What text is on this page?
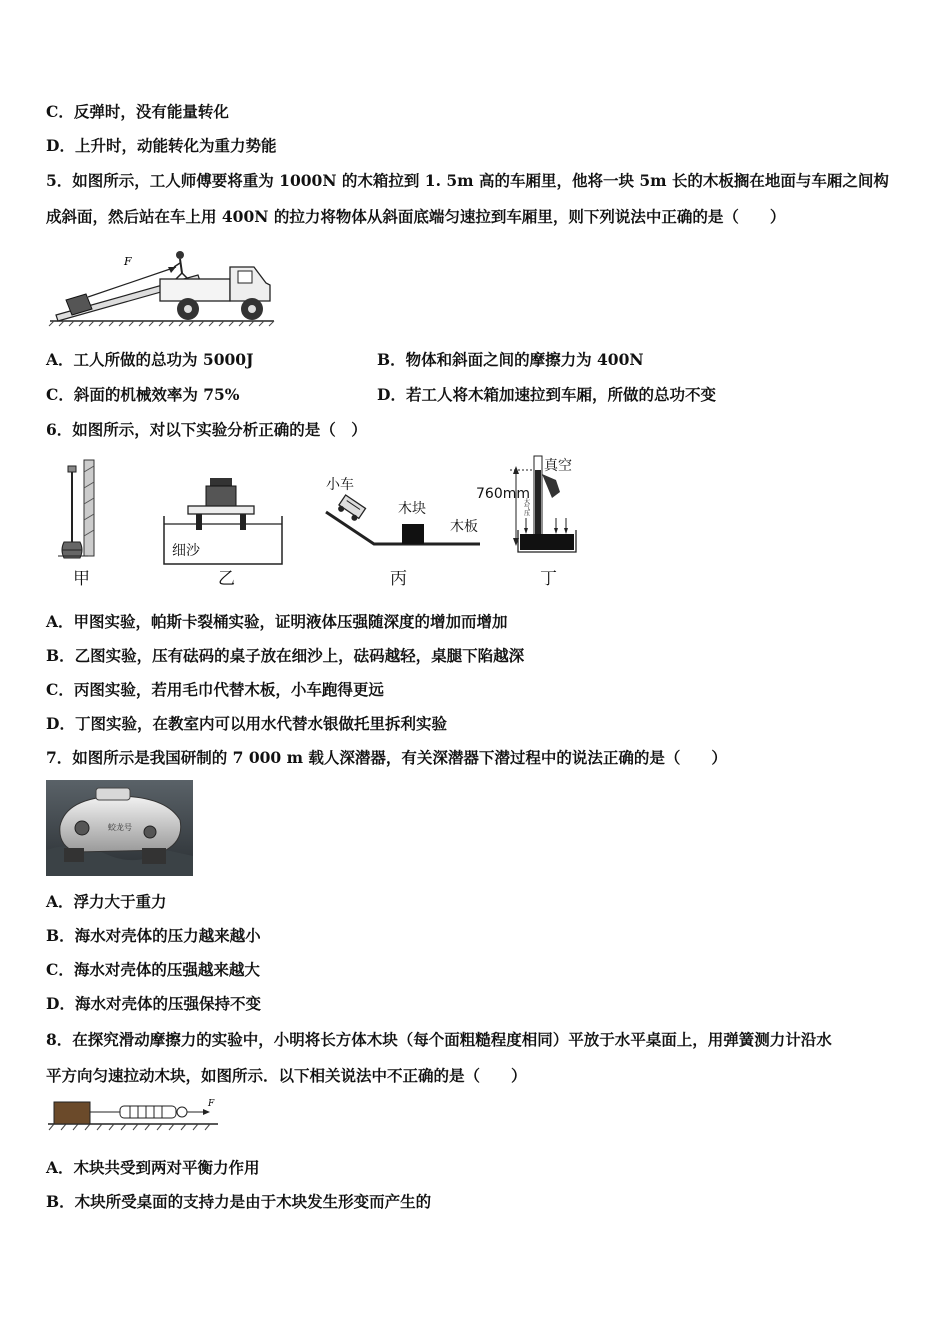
C．反弹时，没有能量转化
D．上升时，动能转化为重力势能
5．如图所示，工人师傅要将重为 1000N 的木箱拉到 1. 5m 高的车厢里，他将一块 5m 长的木板搁在地面与车厢之间构
成斜面，然后站在车上用 400N 的拉力将物体从斜面底端匀速拉到车厢里，则下列说法中正确的是（　　）
F
A．工人所做的总功为 5000J	B．物体和斜面之间的摩擦力为 400N
C．斜面的机械效率为 75%	D．若工人将木箱加速拉到车厢，所做的总功不变
6．如图所示，对以下实验分析正确的是（　）
甲
细沙
乙
小车
木块
木板
丙
大气压
真空
760mm
丁
A．甲图实验，帕斯卡裂桶实验，证明液体压强随深度的增加而增加
B．乙图实验，压有砝码的桌子放在细沙上，砝码越轻，桌腿下陷越深
C．丙图实验，若用毛巾代替木板，小车跑得更远
D．丁图实验，在教室内可以用水代替水银做托里拆利实验
7．如图所示是我国研制的 7 000 m 载人深潜器，有关深潜器下潜过程中的说法正确的是（　　）
蛟龙号
A．浮力大于重力
B．海水对壳体的压力越来越小
C．海水对壳体的压强越来越大
D．海水对壳体的压强保持不变
8．在探究滑动摩擦力的实验中，小明将长方体木块（每个面粗糙程度相同）平放于水平桌面上，用弹簧测力计沿水
平方向匀速拉动木块，如图所示．以下相关说法中不正确的是（　　）
F
A．木块共受到两对平衡力作用
B．木块所受桌面的支持力是由于木块发生形变而产生的
